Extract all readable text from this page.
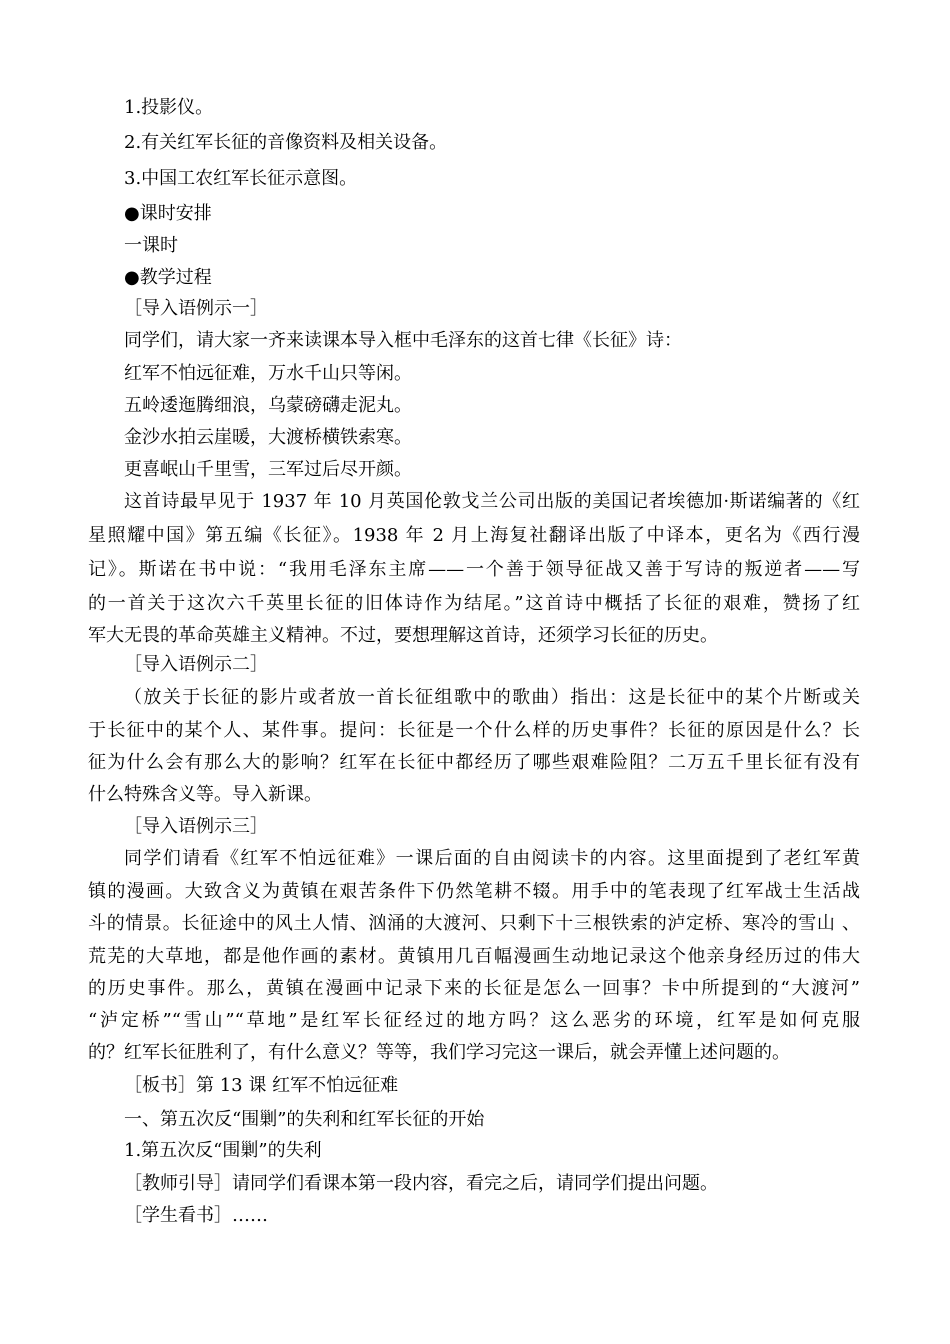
1.投影仪。
2.有关红军长征的音像资料及相关设备。
3.中国工农红军长征示意图。
●课时安排
一课时
●教学过程
［导入语例示一］
同学们，请大家一齐来读课本导入框中毛泽东的这首七律《长征》诗：
红军不怕远征难，万水千山只等闲。
五岭逶迤腾细浪，乌蒙磅礴走泥丸。
金沙水拍云崖暖，大渡桥横铁索寒。
更喜岷山千里雪，三军过后尽开颜。
这首诗最早见于 1937 年 10 月英国伦敦戈兰公司出版的美国记者埃德加·斯诺编著的《红
星照耀中国》第五编《长征》。1938 年 2 月上海复社翻译出版了中译本，更名为《西行漫
记》。斯诺在书中说：“我用毛泽东主席——一个善于领导征战又善于写诗的叛逆者——写
的一首关于这次六千英里长征的旧体诗作为结尾。”这首诗中概括了长征的艰难，赞扬了红
军大无畏的革命英雄主义精神。不过，要想理解这首诗，还须学习长征的历史。
［导入语例示二］
（放关于长征的影片或者放一首长征组歌中的歌曲）指出：这是长征中的某个片断或关
于长征中的某个人、某件事。提问：长征是一个什么样的历史事件？长征的原因是什么？长
征为什么会有那么大的影响？红军在长征中都经历了哪些艰难险阻？二万五千里长征有没有
什么特殊含义等。导入新课。
［导入语例示三］
同学们请看《红军不怕远征难》一课后面的自由阅读卡的内容。这里面提到了老红军黄
镇的漫画。大致含义为黄镇在艰苦条件下仍然笔耕不辍。用手中的笔表现了红军战士生活战
斗的情景。长征途中的风土人情、汹涌的大渡河、只剩下十三根铁索的泸定桥、寒冷的雪山 、
荒芜的大草地，都是他作画的素材。黄镇用几百幅漫画生动地记录这个他亲身经历过的伟大
的历史事件。那么，黄镇在漫画中记录下来的长征是怎么一回事？卡中所提到的“大渡河”
“泸定桥”“雪山”“草地”是红军长征经过的地方吗？这么恶劣的环境，红军是如何克服
的？红军长征胜利了，有什么意义？等等，我们学习完这一课后，就会弄懂上述问题的。
［板书］第 13 课 红军不怕远征难
一、第五次反“围剿”的失利和红军长征的开始
1.第五次反“围剿”的失利
［教师引导］请同学们看课本第一段内容，看完之后，请同学们提出问题。
［学生看书］……
